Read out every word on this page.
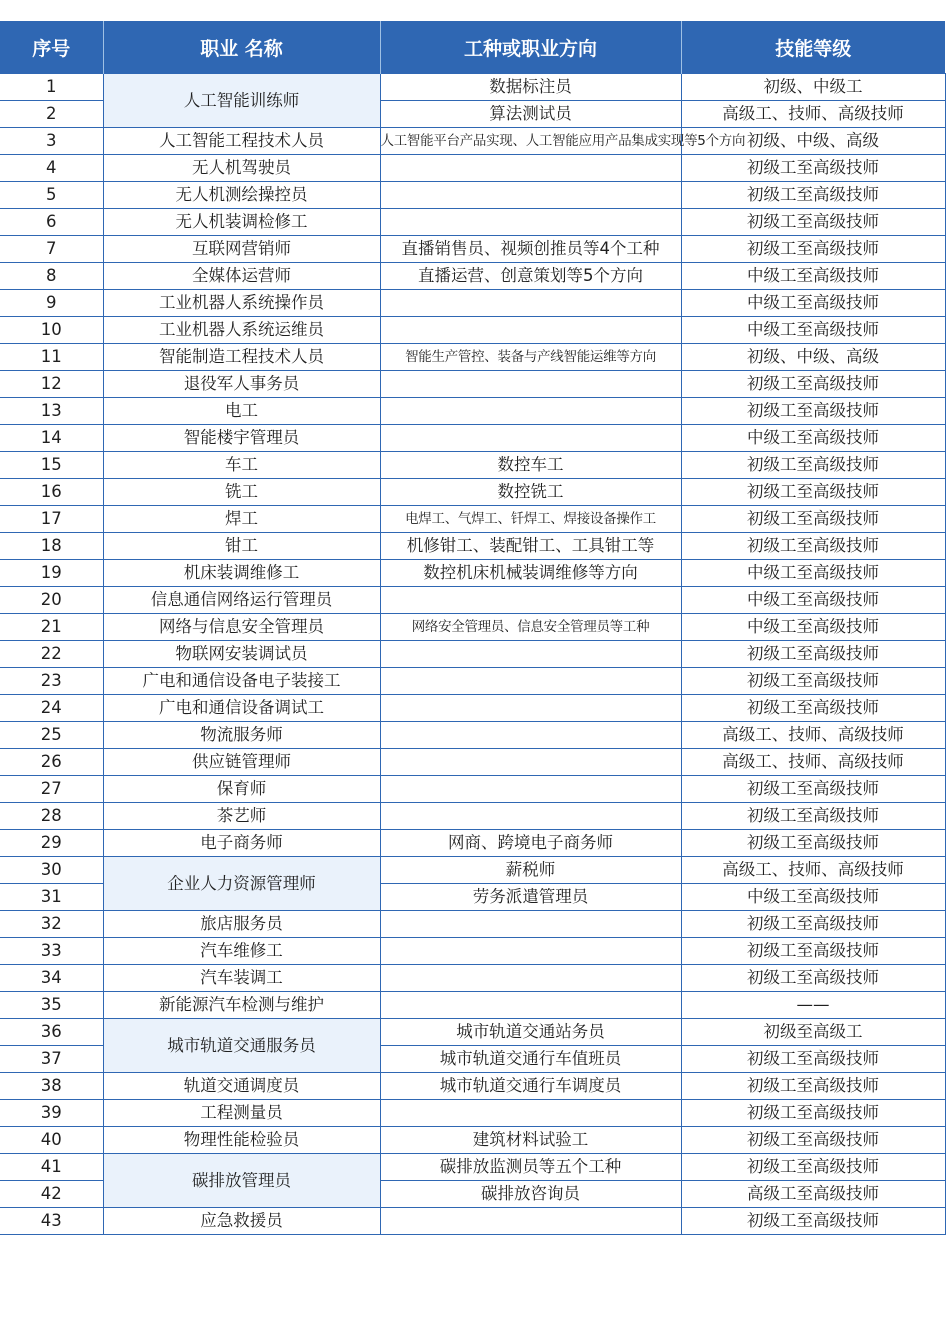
序号	职业 名称	工种或职业方向	技能等级
1	人工智能训练师	数据标注员	初级、中级工
2		算法测试员	高级工、技师、高级技师
3	人工智能工程技术人员	人工智能平台产品实现、人工智能应用产品集成实现等5个方向	初级、中级、高级
4	无人机驾驶员		初级工至高级技师
5	无人机测绘操控员		初级工至高级技师
6	无人机装调检修工		初级工至高级技师
7	互联网营销师	直播销售员、视频创推员等4个工种	初级工至高级技师
8	全媒体运营师	直播运营、创意策划等5个方向	中级工至高级技师
9	工业机器人系统操作员		中级工至高级技师
10	工业机器人系统运维员		中级工至高级技师
11	智能制造工程技术人员	智能生产管控、装备与产线智能运维等方向	初级、中级、高级
12	退役军人事务员		初级工至高级技师
13	电工		初级工至高级技师
14	智能楼宇管理员		中级工至高级技师
15	车工	数控车工	初级工至高级技师
16	铣工	数控铣工	初级工至高级技师
17	焊工	电焊工、气焊工、钎焊工、焊接设备操作工	初级工至高级技师
18	钳工	机修钳工、装配钳工、工具钳工等	初级工至高级技师
19	机床装调维修工	数控机床机械装调维修等方向	中级工至高级技师
20	信息通信网络运行管理员		中级工至高级技师
21	网络与信息安全管理员	网络安全管理员、信息安全管理员等工种	中级工至高级技师
22	物联网安装调试员		初级工至高级技师
23	广电和通信设备电子装接工		初级工至高级技师
24	广电和通信设备调试工		初级工至高级技师
25	物流服务师		高级工、技师、高级技师
26	供应链管理师		高级工、技师、高级技师
27	保育师		初级工至高级技师
28	茶艺师		初级工至高级技师
29	电子商务师	网商、跨境电子商务师	初级工至高级技师
30	企业人力资源管理师	薪税师	高级工、技师、高级技师
31		劳务派遣管理员	中级工至高级技师
32	旅店服务员		初级工至高级技师
33	汽车维修工		初级工至高级技师
34	汽车装调工		初级工至高级技师
35	新能源汽车检测与维护		——
36	城市轨道交通服务员	城市轨道交通站务员	初级至高级工
37		城市轨道交通行车值班员	初级工至高级技师
38	轨道交通调度员	城市轨道交通行车调度员	初级工至高级技师
39	工程测量员		初级工至高级技师
40	物理性能检验员	建筑材料试验工	初级工至高级技师
41	碳排放管理员	碳排放监测员等五个工种	初级工至高级技师
42		碳排放咨询员	高级工至高级技师
43	应急救援员		初级工至高级技师
